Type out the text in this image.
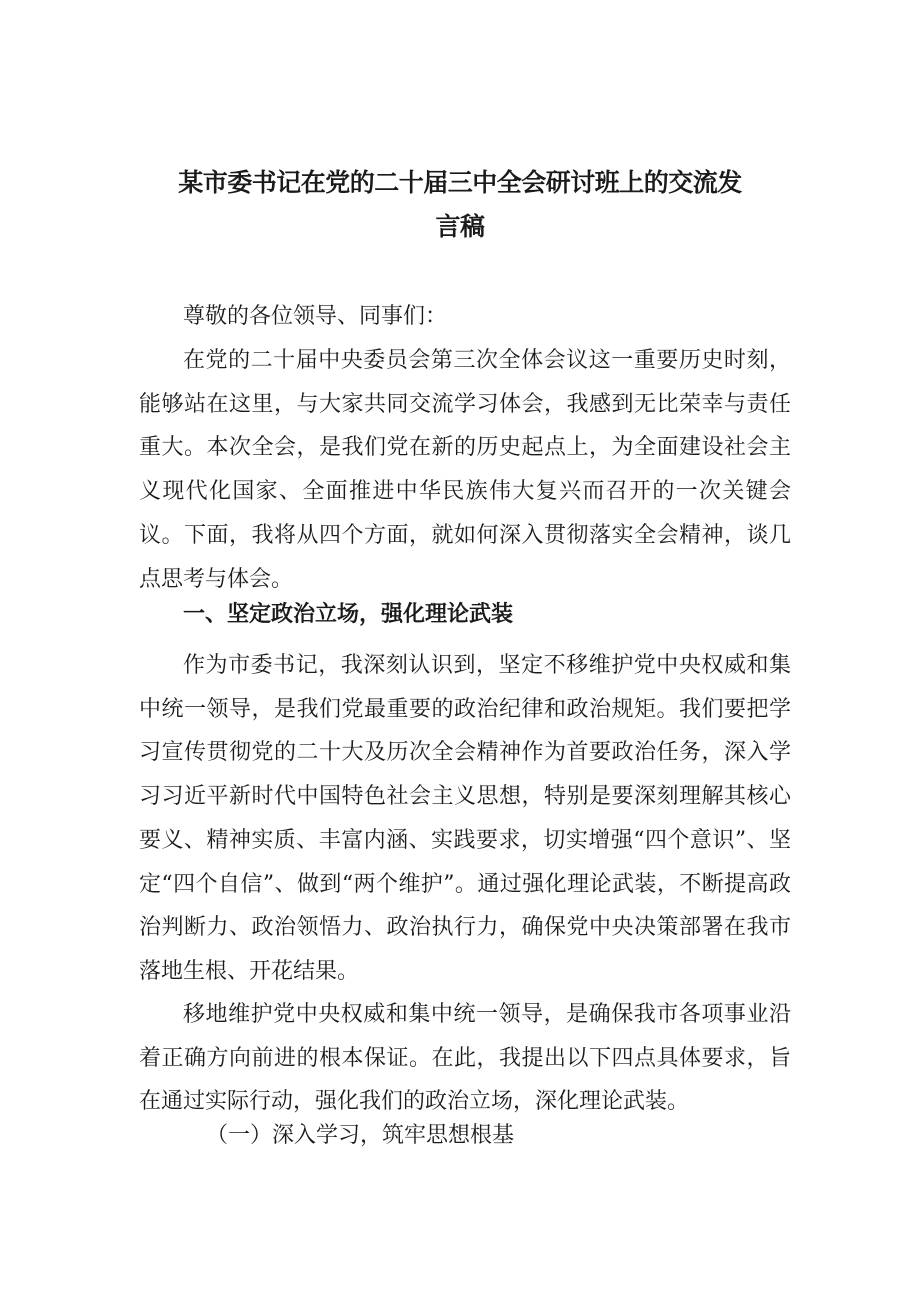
某市委书记在党的二十届三中全会研讨班上的交流发
言稿

尊敬的各位领导、同事们：

在党的二十届中央委员会第三次全体会议这一重要历史时刻，能够站在这里，与大家共同交流学习体会，我感到无比荣幸与责任重大。本次全会，是我们党在新的历史起点上，为全面建设社会主义现代化国家、全面推进中华民族伟大复兴而召开的一次关键会议。下面，我将从四个方面，就如何深入贯彻落实全会精神，谈几点思考与体会。

一、坚定政治立场，强化理论武装

作为市委书记，我深刻认识到，坚定不移维护党中央权威和集中统一领导，是我们党最重要的政治纪律和政治规矩。我们要把学习宣传贯彻党的二十大及历次全会精神作为首要政治任务，深入学习习近平新时代中国特色社会主义思想，特别是要深刻理解其核心要义、精神实质、丰富内涵、实践要求，切实增强“四个意识”、坚定“四个自信”、做到“两个维护”。通过强化理论武装，不断提高政治判断力、政治领悟力、政治执行力，确保党中央决策部署在我市落地生根、开花结果。

移地维护党中央权威和集中统一领导，是确保我市各项事业沿着正确方向前进的根本保证。在此，我提出以下四点具体要求，旨在通过实际行动，强化我们的政治立场，深化理论武装。

（一）深入学习，筑牢思想根基
